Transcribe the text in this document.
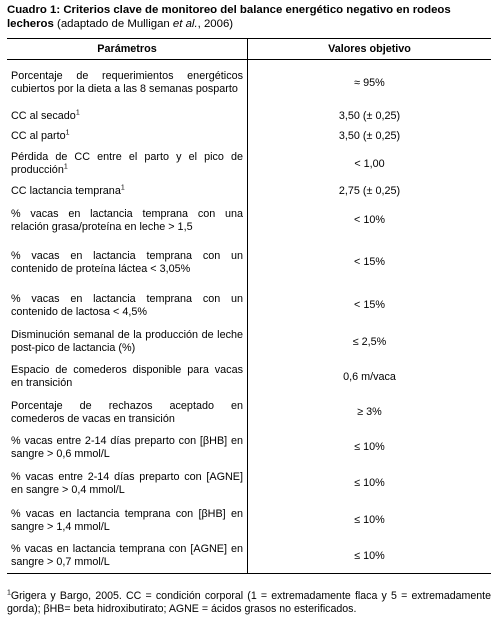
Cuadro 1: Criterios clave de monitoreo del balance energético negativo en rodeos lecheros (adaptado de Mulligan et al., 2006)
Parámetros	Valores objetivo
Porcentaje de requerimientos energéticos cubiertos por la dieta a las 8 semanas posparto	≈ 95%
CC al secado$^1$	3,50 (± 0,25)
CC al parto$^1$	3,50 (± 0,25)
Pérdida de CC entre el parto y el pico de producción$^1$	< 1,00
CC lactancia temprana$^1$	2,75 (± 0,25)
% vacas en lactancia temprana con una relación grasa/proteína en leche > 1,5	< 10%
% vacas en lactancia temprana con un contenido de proteína láctea < 3,05%	< 15%
% vacas en lactancia temprana con un contenido de lactosa < 4,5%	< 15%
Disminución semanal de la producción de leche post-pico de lactancia (%)	≤ 2,5%
Espacio de comederos disponible para vacas en transición	0,6 m/vaca
Porcentaje de rechazos aceptado en comederos de vacas en transición	≥ 3%
% vacas entre 2-14 días preparto con [βHB] en sangre > 0,6 mmol/L	≤ 10%
% vacas entre 2-14 días preparto con [AGNE] en sangre > 0,4 mmol/L	≤ 10%
% vacas en lactancia temprana con [βHB] en sangre > 1,4 mmol/L	≤ 10%
% vacas en lactancia temprana con [AGNE] en sangre > 0,7 mmol/L	≤ 10%
$^1$Grigera y Bargo, 2005. CC = condición corporal (1 = extremadamente flaca y 5 = extremadamente gorda); βHB= beta hidroxibutirato; AGNE = ácidos grasos no esterificados.
